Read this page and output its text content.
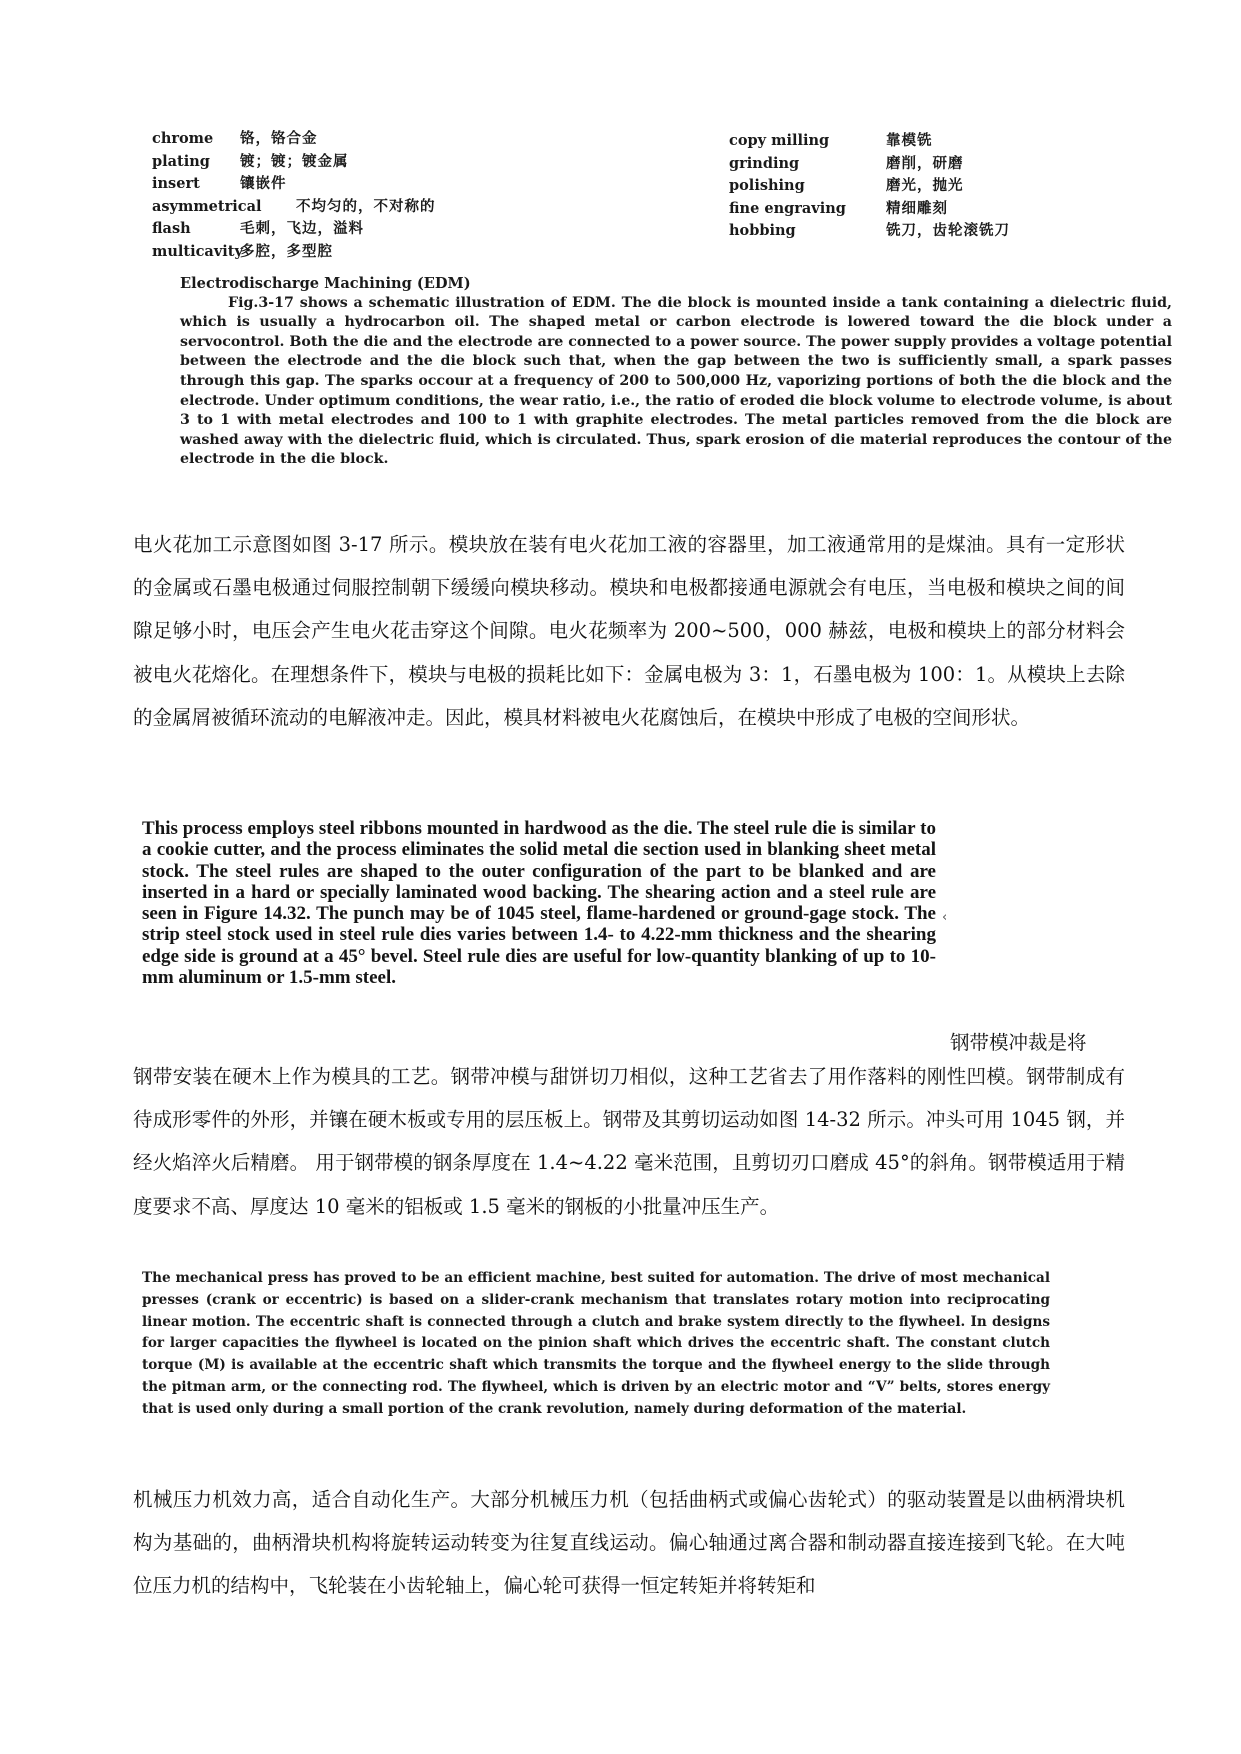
chrome 铬，铬合金
plating 镀；镀；镀金属
insert	镶嵌件
asymmetrical 不均匀的，不对称的
flash	毛刺，飞边，溢料
multicavity多腔，多型腔
copy milling	靠模铣
grinding	磨削，研磨
polishing	磨光，抛光
fine engraving	精细雕刻
hobbing	铣刀，齿轮滚铣刀

Electrodischarge Machining (EDM)

Fig.3-17 shows a schematic illustration of EDM. The die block is mounted inside a tank containing a dielectric fluid, which is usually a hydrocarbon oil. The shaped metal or carbon electrode is lowered toward the die block under a servocontrol. Both the die and the electrode are connected to a power source. The power supply provides a voltage potential between the electrode and the die block such that, when the gap between the two is sufficiently small, a spark passes through this gap. The sparks occour at a frequency of 200 to 500,000 Hz, vaporizing portions of both the die block and the electrode. Under optimum conditions, the wear ratio, i.e., the ratio of eroded die block volume to electrode volume, is about 3 to 1 with metal electrodes and 100 to 1 with graphite electrodes. The metal particles removed from the die block are washed away with the dielectric fluid, which is circulated. Thus, spark erosion of die material reproduces the contour of the electrode in the die block.

电火花加工示意图如图 3-17 所示。模块放在装有电火花加工液的容器里，加工液通常用的是煤油。具有一定形状的金属或石墨电极通过伺服控制朝下缓缓向模块移动。模块和电极都接通电源就会有电压，当电极和模块之间的间隙足够小时，电压会产生电火花击穿这个间隙。电火花频率为 200~500，000 赫兹，电极和模块上的部分材料会被电火花熔化。在理想条件下，模块与电极的损耗比如下：金属电极为 3：1，石墨电极为 100：1。从模块上去除的金属屑被循环流动的电解液冲走。因此，模具材料被电火花腐蚀后，在模块中形成了电极的空间形状。

This process employs steel ribbons mounted in hardwood as the die. The steel rule die is similar to a cookie cutter, and the process eliminates the solid metal die section used in blanking sheet metal stock. The steel rules are shaped to the outer configuration of the part to be blanked and are inserted in a hard or specially laminated wood backing. The shearing action and a steel rule are seen in Figure 14.32. The punch may be of 1045 steel, flame-hardened or ground-gage stock. The strip steel stock used in steel rule dies varies between 1.4- to 4.22-mm thickness and the shearing edge side is ground at a 45° bevel. Steel rule dies are useful for low-quantity blanking of up to 10-mm aluminum or 1.5-mm steel.
‹
钢带模冲裁是将

钢带安装在硬木上作为模具的工艺。钢带冲模与甜饼切刀相似，这种工艺省去了用作落料的刚性凹模。钢带制成有待成形零件的外形，并镶在硬木板或专用的层压板上。钢带及其剪切运动如图 14-32 所示。冲头可用 1045 钢，并经火焰淬火后精磨。 用于钢带模的钢条厚度在 1.4~4.22 毫米范围，且剪切刃口磨成 45°的斜角。钢带模适用于精度要求不高、厚度达 10 毫米的铝板或 1.5 毫米的钢板的小批量冲压生产。

The mechanical press has proved to be an efficient machine, best suited for automation. The drive of most mechanical presses (crank or eccentric) is based on a slider-crank mechanism that translates rotary motion into reciprocating linear motion. The eccentric shaft is connected through a clutch and brake system directly to the flywheel. In designs for larger capacities the flywheel is located on the pinion shaft which drives the eccentric shaft. The constant clutch torque (M) is available at the eccentric shaft which transmits the torque and the flywheel energy to the slide through the pitman arm, or the connecting rod. The flywheel, which is driven by an electric motor and “V” belts, stores energy that is used only during a small portion of the crank revolution, namely during deformation of the material.

机械压力机效力高，适合自动化生产。大部分机械压力机（包括曲柄式或偏心齿轮式）的驱动装置是以曲柄滑块机构为基础的，曲柄滑块机构将旋转运动转变为往复直线运动。偏心轴通过离合器和制动器直接连接到飞轮。在大吨位压力机的结构中，飞轮装在小齿轮轴上，偏心轮可获得一恒定转矩并将转矩和
